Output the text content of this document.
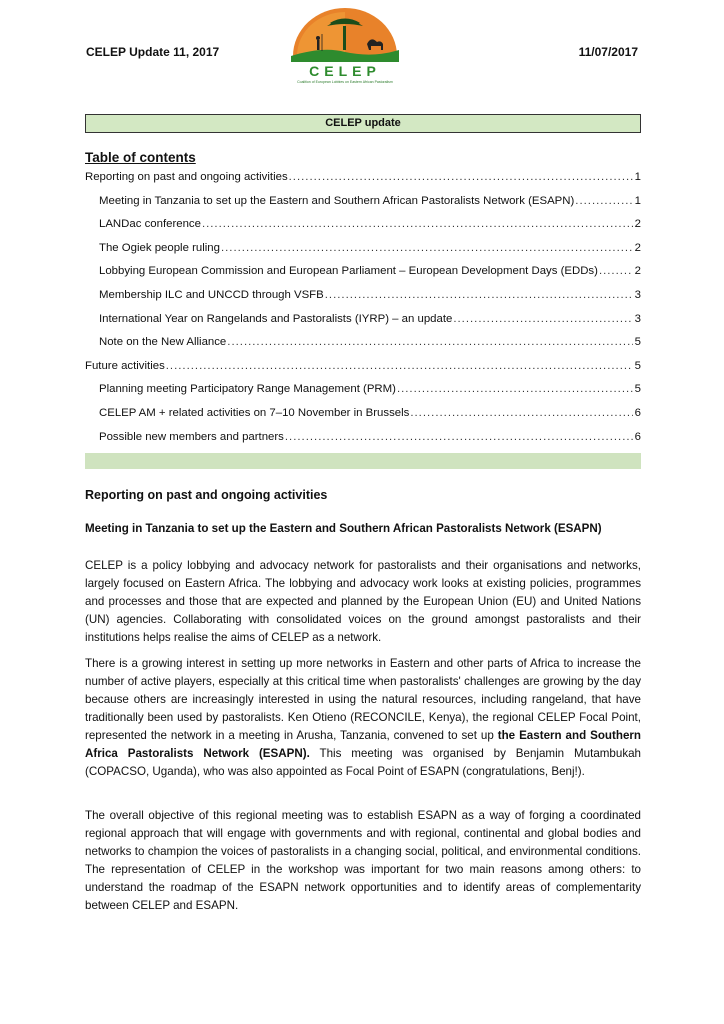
CELEP Update 11, 2017	11/07/2017
CELEP
Coalition of European Lobbies on Eastern African Pastoralism
CELEP update
Table of contents
Reporting on past and ongoing activities .....	1
Meeting in Tanzania to set up the Eastern and Southern African Pastoralists Network (ESAPN) .....	1
LANDac conference .....	2
The Ogiek people ruling .....	2
Lobbying European Commission and European Parliament – European Development Days (EDDs) .....	2
Membership ILC and UNCCD through VSFB .....	3
International Year on Rangelands and Pastoralists (IYRP) – an update .....	3
Note on the New Alliance .....	5
Future activities .....	5
Planning meeting Participatory Range Management (PRM) .....	5
CELEP AM + related activities on 7–10 November in Brussels .....	6
Possible new members and partners .....	6
Reporting on past and ongoing activities
Meeting in Tanzania to set up the Eastern and Southern African Pastoralists Network (ESAPN)

CELEP is a policy lobbying and advocacy network for pastoralists and their organisations and networks, largely focused on Eastern Africa. The lobbying and advocacy work looks at existing policies, programmes and processes and those that are expected and planned by the European Union (EU) and United Nations (UN) agencies. Collaborating with consolidated voices on the ground amongst pastoralists and their institutions helps realise the aims of CELEP as a network.

There is a growing interest in setting up more networks in Eastern and other parts of Africa to increase the number of active players, especially at this critical time when pastoralists' challenges are growing by the day because others are increasingly interested in using the natural resources, including rangeland, that have traditionally been used by pastoralists. Ken Otieno (RECONCILE, Kenya), the regional CELEP Focal Point, represented the network in a meeting in Arusha, Tanzania, convened to set up the Eastern and Southern Africa Pastoralists Network (ESAPN). This meeting was organised by Benjamin Mutambukah (COPACSO, Uganda), who was also appointed as Focal Point of ESAPN (congratulations, Benj!).

The overall objective of this regional meeting was to establish ESAPN as a way of forging a coordinated regional approach that will engage with governments and with regional, continental and global bodies and networks to champion the voices of pastoralists in a changing social, political, and environmental conditions. The representation of CELEP in the workshop was important for two main reasons among others: to understand the roadmap of the ESAPN network opportunities and to identify areas of complementarity between CELEP and ESAPN.
